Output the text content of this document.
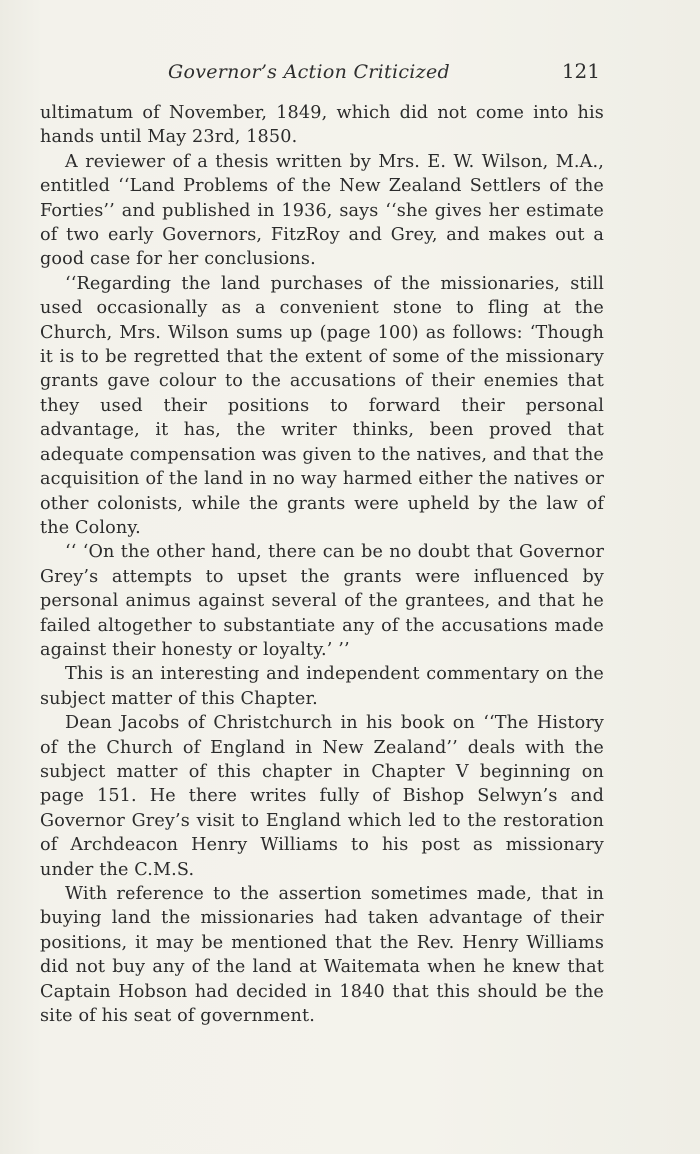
Governor’s Action Criticized	121

ultimatum of November, 1849, which did not come into his hands until May 23rd, 1850.

A reviewer of a thesis written by Mrs. E. W. Wilson, M.A., entitled ‘‘Land Problems of the New Zealand Settlers of the Forties’’ and published in 1936, says ‘‘she gives her estimate of two early Governors, FitzRoy and Grey, and makes out a good case for her conclusions.

‘‘Regarding the land purchases of the missionaries, still used occasionally as a convenient stone to fling at the Church, Mrs. Wilson sums up (page 100) as follows: ‘Though it is to be regretted that the extent of some of the missionary grants gave colour to the accusations of their enemies that they used their positions to forward their personal advantage, it has, the writer thinks, been proved that adequate compensation was given to the natives, and that the acquisition of the land in no way harmed either the natives or other colonists, while the grants were upheld by the law of the Colony.

‘‘ ‘On the other hand, there can be no doubt that Governor Grey’s attempts to upset the grants were influenced by personal animus against several of the grantees, and that he failed altogether to substantiate any of the accusations made against their honesty or loyalty.’ ’’

This is an interesting and independent commentary on the subject matter of this Chapter.

Dean Jacobs of Christchurch in his book on ‘‘The History of the Church of England in New Zealand’’ deals with the subject matter of this chapter in Chapter V beginning on page 151. He there writes fully of Bishop Selwyn’s and Governor Grey’s visit to England which led to the restoration of Archdeacon Henry Williams to his post as missionary under the C.M.S.

With reference to the assertion sometimes made, that in buying land the missionaries had taken advantage of their positions, it may be mentioned that the Rev. Henry Williams did not buy any of the land at Waitemata when he knew that Captain Hobson had decided in 1840 that this should be the site of his seat of government.
